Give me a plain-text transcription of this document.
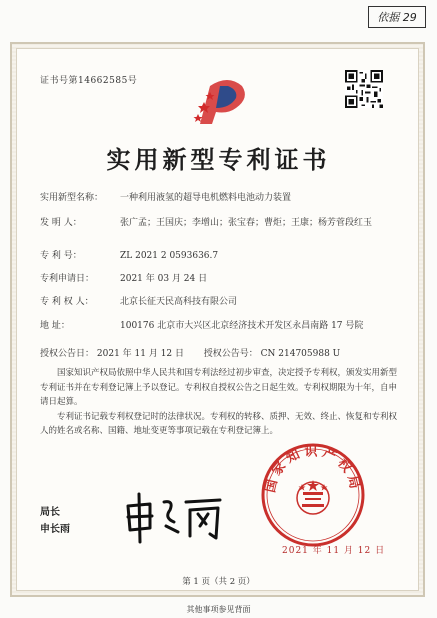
依据 29
证书号第14662585号
实用新型专利证书
实用新型名称： 一种利用液氢的超导电机燃料电池动力装置
发 明 人：	张广孟；王国庆；李增山；张宝春；曹炬；王康；杨芳菅段红玉
专 利 号：	ZL 2021 2 0593636.7
专利申请日：	2021 年 03 月 24 日
专 利 权 人：	北京长征天民高科技有限公司
地 址：	100176 北京市大兴区北京经济技术开发区永昌南路 17 号院
授权公告日： 2021 年 11 月 12 日 授权公告号： CN 214705988 U

国家知识产权局依照中华人民共和国专利法经过初步审查，决定授予专利权，颁发实用新型专利证书并在专利登记簿上予以登记。专利权自授权公告之日起生效。专利权期限为十年，自申请日起算。

专利证书记载专利权登记时的法律状况。专利权的转移、质押、无效、终止、恢复和专利权人的姓名或名称、国籍、地址变更等事项记载在专利登记簿上。

局长
申长雨
国家知识产权局
2021 年 11 月 12 日
第 1 页（共 2 页）
其他事项参见背面
